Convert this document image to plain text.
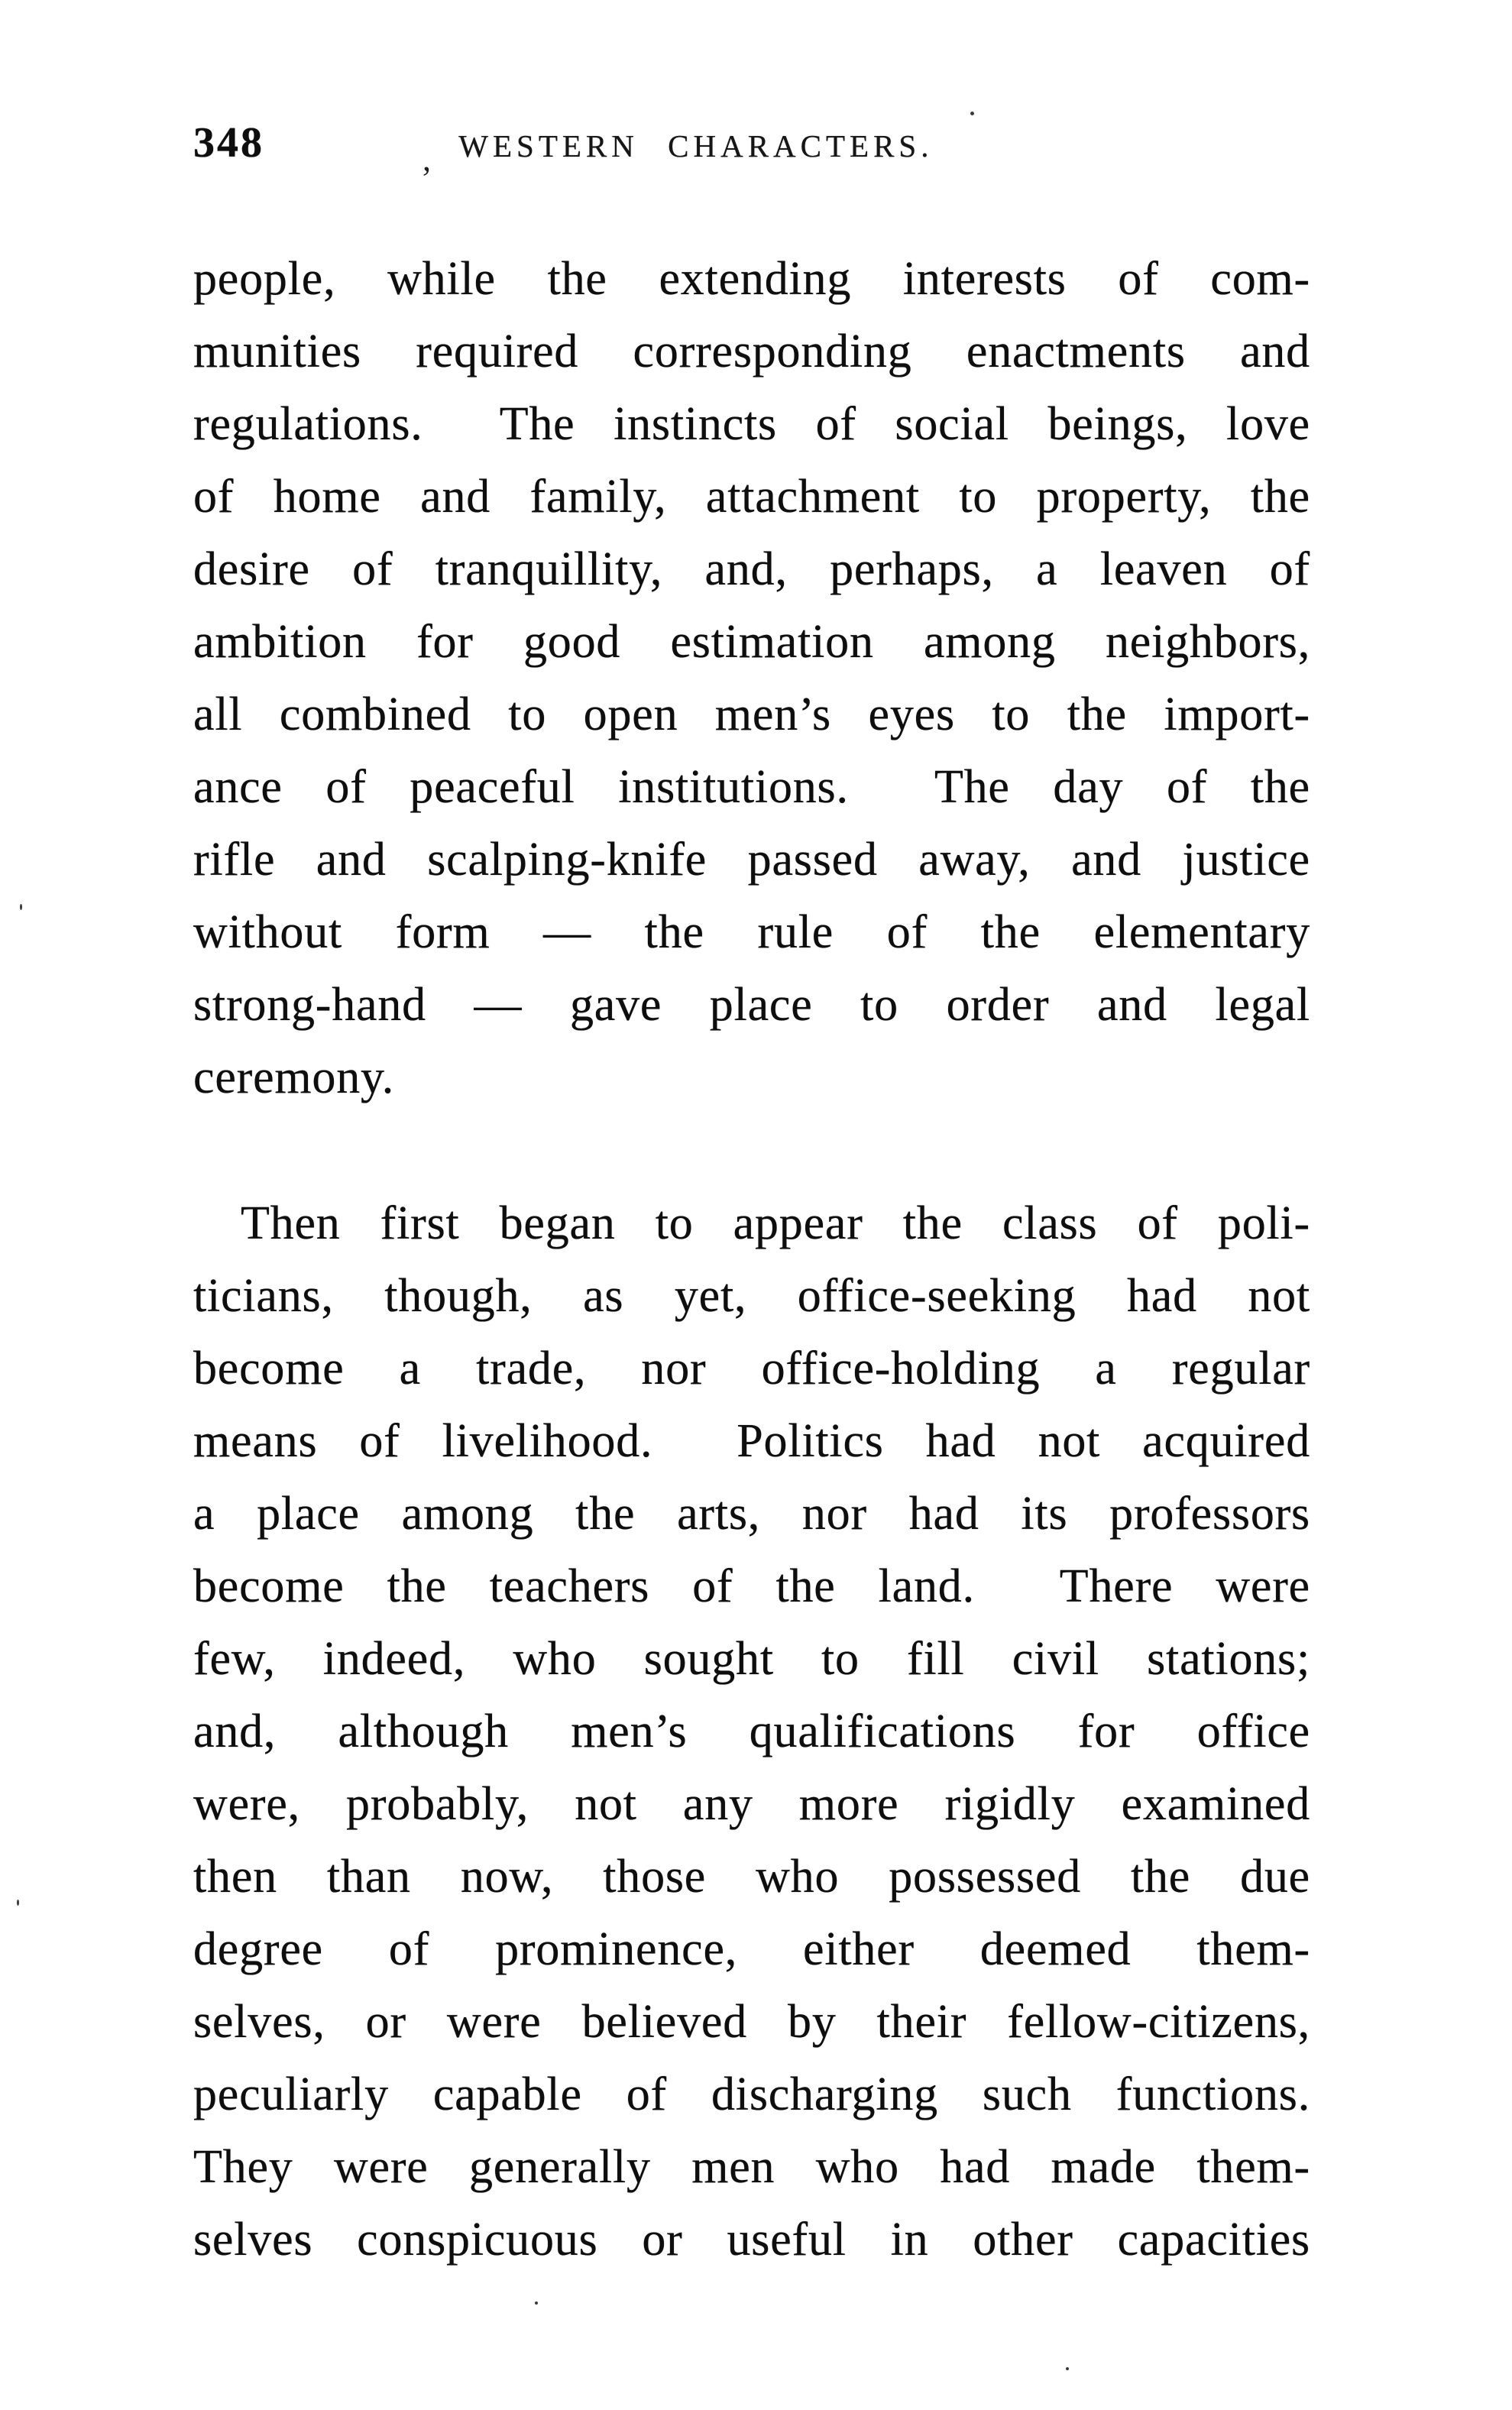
348	, WESTERN CHARACTERS.
people, while the extending interests of com-
munities required corresponding enactments and
regulations.  The instincts of social beings, love
of home and family, attachment to property, the
desire of tranquillity, and, perhaps, a leaven of
ambition for good estimation among neighbors,
all combined to open men’s eyes to the import-
ance of peaceful institutions.  The day of the
rifle and scalping-knife passed away, and justice
without form — the rule of the elementary
strong-hand — gave place to order and legal
ceremony.
Then first began to appear the class of poli-
ticians, though, as yet, office-seeking had not
become a trade, nor office-holding a regular
means of livelihood.  Politics had not acquired
a place among the arts, nor had its professors
become the teachers of the land.  There were
few, indeed, who sought to fill civil stations;
and, although men’s qualifications for office
were, probably, not any more rigidly examined
then than now, those who possessed the due
degree of prominence, either deemed them-
selves, or were believed by their fellow-citizens,
peculiarly capable of discharging such functions.
They were generally men who had made them-
selves conspicuous or useful in other capacities
